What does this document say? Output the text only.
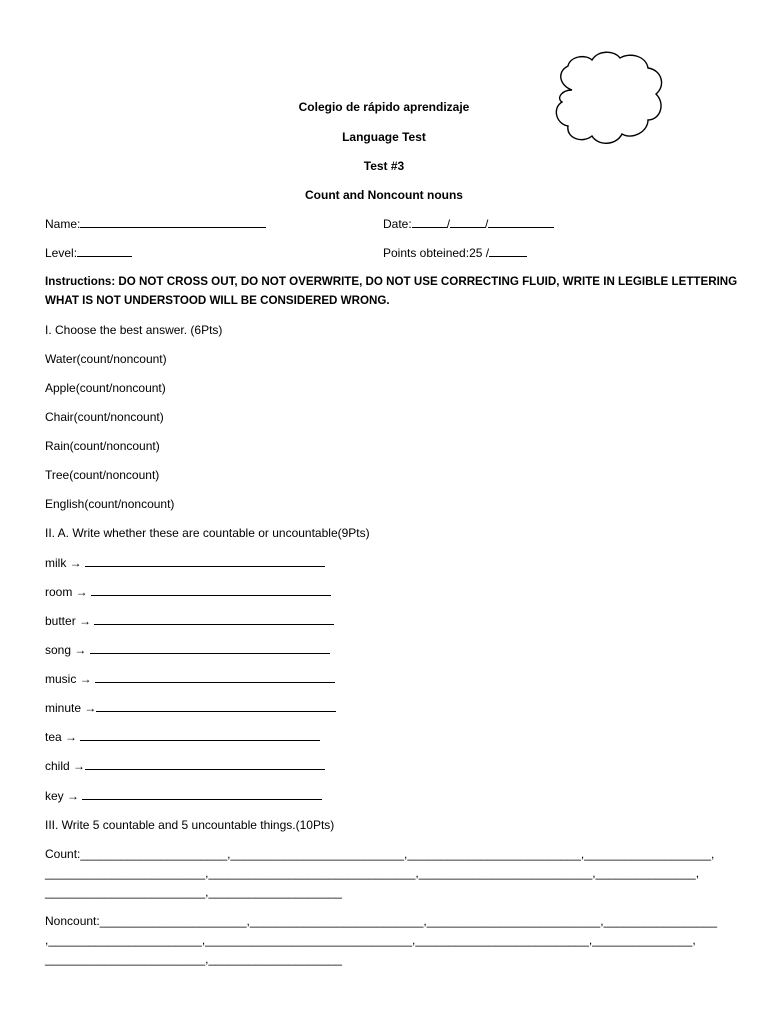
Colegio de rápido aprendizaje
Language Test
Test #3
Count and Noncount nouns
Name:	Date:	/	/
Level:	Points obteined:25 /
Instructions: DO NOT CROSS OUT, DO NOT OVERWRITE, DO NOT USE CORRECTING FLUID, WRITE IN LEGIBLE LETTERING
WHAT IS NOT UNDERSTOOD WILL BE CONSIDERED WRONG.
I. Choose the best answer. (6Pts)
Water(count/noncount)
Apple(count/noncount)
Chair(count/noncount)
Rain(count/noncount)
Tree(count/noncount)
English(count/noncount)
II. A. Write whether these are countable or uncountable(9Pts)
milk →
room →
butter →
song →
music →
minute →
tea →
child →
key →
III. Write 5 countable and 5 uncountable things.(10Pts)
Count:______________________,__________________________,__________________________,___________________,
________________________,_______________________________,__________________________,_______________,
________________________,____________________
Noncount:______________________,__________________________,__________________________,_________________
,_______________________,_______________________________,__________________________,_______________,
________________________,____________________
